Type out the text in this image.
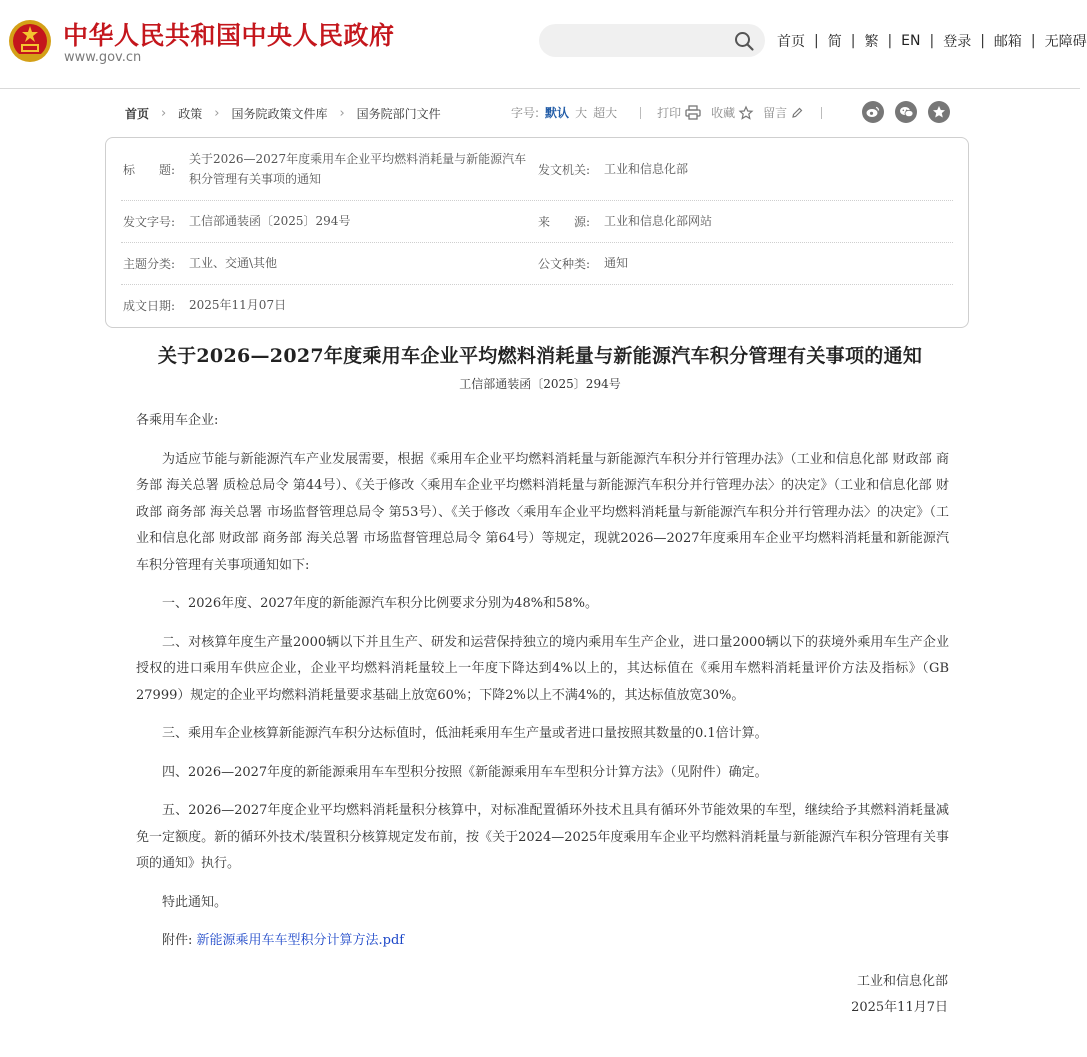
中华人民共和国中央人民政府
www.gov.cn
首页 | 简 | 繁 | EN | 登录 | 邮箱 | 无障碍
首页 › 政策 › 国务院政策文件库 › 国务院部门文件	字号: 默认 大 超大	打印	收藏 留言
标　　题:
关于2026—2027年度乘用车企业平均燃料消耗量与新能源汽车积分管理有关事项的通知
发文机关:	工业和信息化部
发文字号:	工信部通装函〔2025〕294号	来　　源:	工业和信息化部网站
主题分类:	工业、交通\其他	公文种类:	通知
成文日期:	2025年11月07日
关于2026—2027年度乘用车企业平均燃料消耗量与新能源汽车积分管理有关事项的通知
工信部通装函〔2025〕294号

各乘用车企业:

为适应节能与新能源汽车产业发展需要，根据《乘用车企业平均燃料消耗量与新能源汽车积分并行管理办法》（工业和信息化部 财政部 商务部 海关总署 质检总局令 第44号）、《关于修改〈乘用车企业平均燃料消耗量与新能源汽车积分并行管理办法〉的决定》（工业和信息化部 财政部 商务部 海关总署 市场监督管理总局令 第53号）、《关于修改〈乘用车企业平均燃料消耗量与新能源汽车积分并行管理办法〉的决定》（工业和信息化部 财政部 商务部 海关总署 市场监督管理总局令 第64号）等规定，现就2026—2027年度乘用车企业平均燃料消耗量和新能源汽车积分管理有关事项通知如下:

一、2026年度、2027年度的新能源汽车积分比例要求分别为48%和58%。

二、对核算年度生产量2000辆以下并且生产、研发和运营保持独立的境内乘用车生产企业，进口量2000辆以下的获境外乘用车生产企业授权的进口乘用车供应企业，企业平均燃料消耗量较上一年度下降达到4%以上的，其达标值在《乘用车燃料消耗量评价方法及指标》（GB 27999）规定的企业平均燃料消耗量要求基础上放宽60%；下降2%以上不满4%的，其达标值放宽30%。

三、乘用车企业核算新能源汽车积分达标值时，低油耗乘用车生产量或者进口量按照其数量的0.1倍计算。

四、2026—2027年度的新能源乘用车车型积分按照《新能源乘用车车型积分计算方法》（见附件）确定。

五、2026—2027年度企业平均燃料消耗量积分核算中，对标准配置循环外技术且具有循环外节能效果的车型，继续给予其燃料消耗量减免一定额度。新的循环外技术/装置积分核算规定发布前，按《关于2024—2025年度乘用车企业平均燃料消耗量与新能源汽车积分管理有关事项的通知》执行。

特此通知。

附件: 新能源乘用车车型积分计算方法.pdf

工业和信息化部
2025年11月7日
